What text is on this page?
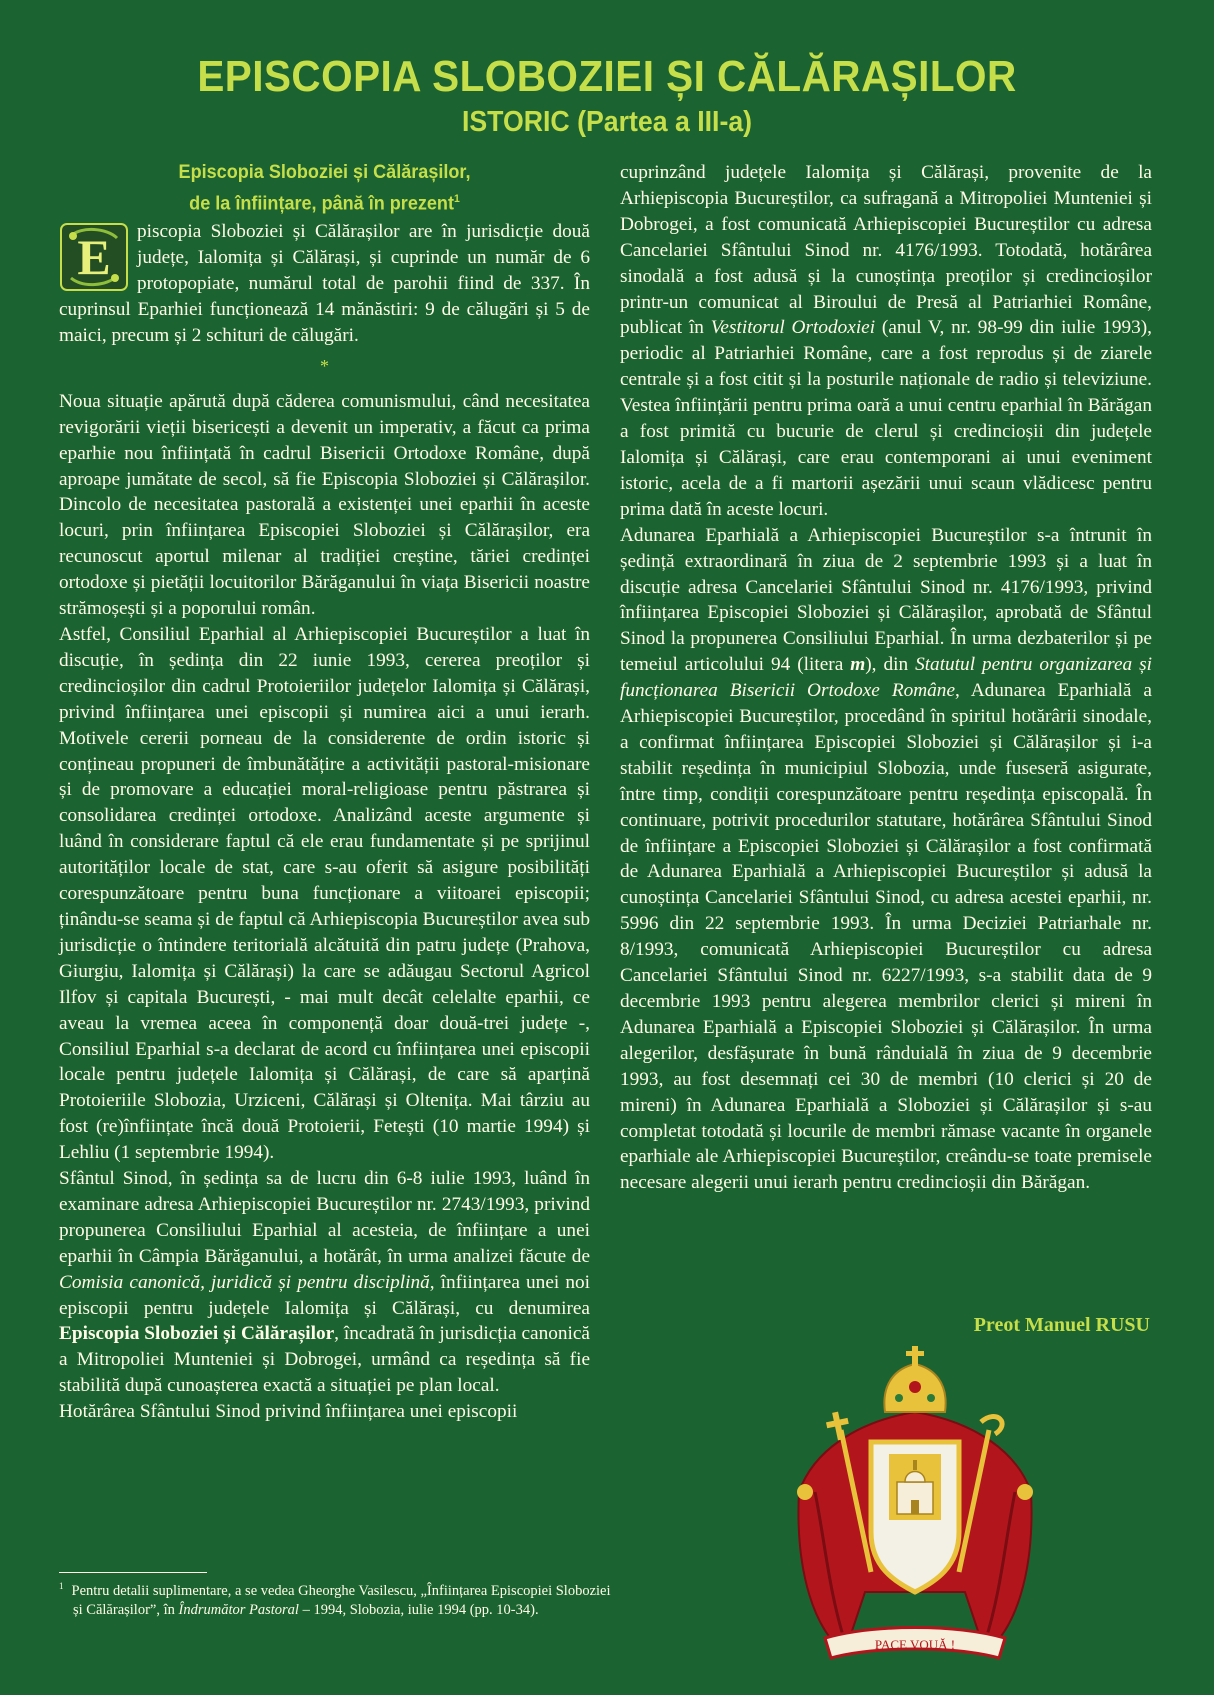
EPISCOPIA SLOBOZIEI ȘI CĂLĂRAȘILOR
ISTORIC (Partea a III-a)
Episcopia Sloboziei și Călărașilor,
de la înființare, până în prezent$^1$

E piscopia Sloboziei și Călărașilor are în jurisdicție două județe, Ialomița și Călărași, și cuprinde un număr de 6 protopopiate, numărul total de parohii fiind de 337. În cuprinsul Eparhiei funcționează 14 mănăstiri: 9 de călugări și 5 de maici, precum și 2 schituri de călugări.

*

Noua situație apărută după căderea comunismului, când necesitatea revigorării vieții bisericești a devenit un imperativ, a făcut ca prima eparhie nou înființată în cadrul Bisericii Ortodoxe Române, după aproape jumătate de secol, să fie Episcopia Sloboziei și Călărașilor. Dincolo de necesitatea pastorală a existenței unei eparhii în aceste locuri, prin înființarea Episcopiei Sloboziei și Călărașilor, era recunoscut aportul milenar al tradiției creștine, tăriei credinței ortodoxe și pietății locuitorilor Bărăganului în viața Bisericii noastre strămoșești și a poporului român.

Astfel, Consiliul Eparhial al Arhiepiscopiei Bucureștilor a luat în discuție, în ședința din 22 iunie 1993, cererea preoților și credincioșilor din cadrul Protoieriilor județelor Ialomița și Călărași, privind înființarea unei episcopii și numirea aici a unui ierarh. Motivele cererii porneau de la considerente de ordin istoric și conțineau propuneri de îmbunătățire a activității pastoral-misionare și de promovare a educației moral-religioase pentru păstrarea și consolidarea credinței ortodoxe. Analizând aceste argumente și luând în considerare faptul că ele erau fundamentate și pe sprijinul autorităților locale de stat, care s-au oferit să asigure posibilități corespunzătoare pentru buna funcționare a viitoarei episcopii; ținându-se seama și de faptul că Arhiepiscopia Bucureștilor avea sub jurisdicție o întindere teritorială alcătuită din patru județe (Prahova, Giurgiu, Ialomița și Călărași) la care se adăugau Sectorul Agricol Ilfov și capitala București, - mai mult decât celelalte eparhii, ce aveau la vremea aceea în componență doar două-trei județe -, Consiliul Eparhial s-a declarat de acord cu înființarea unei episcopii locale pentru județele Ialomița și Călărași, de care să aparțină Protoieriile Slobozia, Urziceni, Călărași și Oltenița. Mai târziu au fost (re)înființate încă două Protoierii, Fetești (10 martie 1994) și Lehliu (1 septembrie 1994).

Sfântul Sinod, în ședința sa de lucru din 6-8 iulie 1993, luând în examinare adresa Arhiepiscopiei Bucureștilor nr. 2743/1993, privind propunerea Consiliului Eparhial al acesteia, de înființare a unei eparhii în Câmpia Bărăganului, a hotărât, în urma analizei făcute de Comisia canonică, juridică și pentru disciplină, înființarea unei noi episcopii pentru județele Ialomița și Călărași, cu denumirea Episcopia Sloboziei și Călărașilor, încadrată în jurisdicția canonică a Mitropoliei Munteniei și Dobrogei, urmând ca reședința să fie stabilită după cunoașterea exactă a situației pe plan local.

Hotărârea Sfântului Sinod privind înființarea unei episcopii

cuprinzând județele Ialomița și Călărași, provenite de la Arhiepiscopia Bucureștilor, ca sufragană a Mitropoliei Munteniei și Dobrogei, a fost comunicată Arhiepiscopiei Bucureștilor cu adresa Cancelariei Sfântului Sinod nr. 4176/1993. Totodată, hotărârea sinodală a fost adusă și la cunoștința preoților și credincioșilor printr-un comunicat al Biroului de Presă al Patriarhiei Române, publicat în Vestitorul Ortodoxiei (anul V, nr. 98-99 din iulie 1993), periodic al Patriarhiei Române, care a fost reprodus și de ziarele centrale și a fost citit și la posturile naționale de radio și televiziune. Vestea înființării pentru prima oară a unui centru eparhial în Bărăgan a fost primită cu bucurie de clerul și credincioșii din județele Ialomița și Călărași, care erau contemporani ai unui eveniment istoric, acela de a fi martorii așezării unui scaun vlădicesc pentru prima dată în aceste locuri.

Adunarea Eparhială a Arhiepiscopiei Bucureștilor s-a întrunit în ședință extraordinară în ziua de 2 septembrie 1993 și a luat în discuție adresa Cancelariei Sfântului Sinod nr. 4176/1993, privind înființarea Episcopiei Sloboziei și Călărașilor, aprobată de Sfântul Sinod la propunerea Consiliului Eparhial. În urma dezbaterilor și pe temeiul articolului 94 (litera m), din Statutul pentru organizarea și funcționarea Bisericii Ortodoxe Române, Adunarea Eparhială a Arhiepiscopiei Bucureștilor, procedând în spiritul hotărârii sinodale, a confirmat înființarea Episcopiei Sloboziei și Călărașilor și i-a stabilit reședința în municipiul Slobozia, unde fuseseră asigurate, între timp, condiții corespunzătoare pentru reședința episcopală. În continuare, potrivit procedurilor statutare, hotărârea Sfântului Sinod de înființare a Episcopiei Sloboziei și Călărașilor a fost confirmată de Adunarea Eparhială a Arhiepiscopiei Bucureștilor și adusă la cunoștința Cancelariei Sfântului Sinod, cu adresa acestei eparhii, nr. 5996 din 22 septembrie 1993. În urma Deciziei Patriarhale nr. 8/1993, comunicată Arhiepiscopiei Bucureștilor cu adresa Cancelariei Sfântului Sinod nr. 6227/1993, s-a stabilit data de 9 decembrie 1993 pentru alegerea membrilor clerici și mireni în Adunarea Eparhială a Episcopiei Sloboziei și Călărașilor. În urma alegerilor, desfășurate în bună rânduială în ziua de 9 decembrie 1993, au fost desemnați cei 30 de membri (10 clerici și 20 de mireni) în Adunarea Eparhială a Sloboziei și Călărașilor și s-au completat totodată și locurile de membri rămase vacante în organele eparhiale ale Arhiepiscopiei Bucureștilor, creându-se toate premisele necesare alegerii unui ierarh pentru credincioșii din Bărăgan.

Preot Manuel RUSU
$^1$ Pentru detalii suplimentare, a se vedea Gheorghe Vasilescu, „Înființarea Episcopiei Sloboziei și Călărașilor”, în Îndrumător Pastoral – 1994, Slobozia, iulie 1994 (pp. 10-34).
PACE VOUĂ !
